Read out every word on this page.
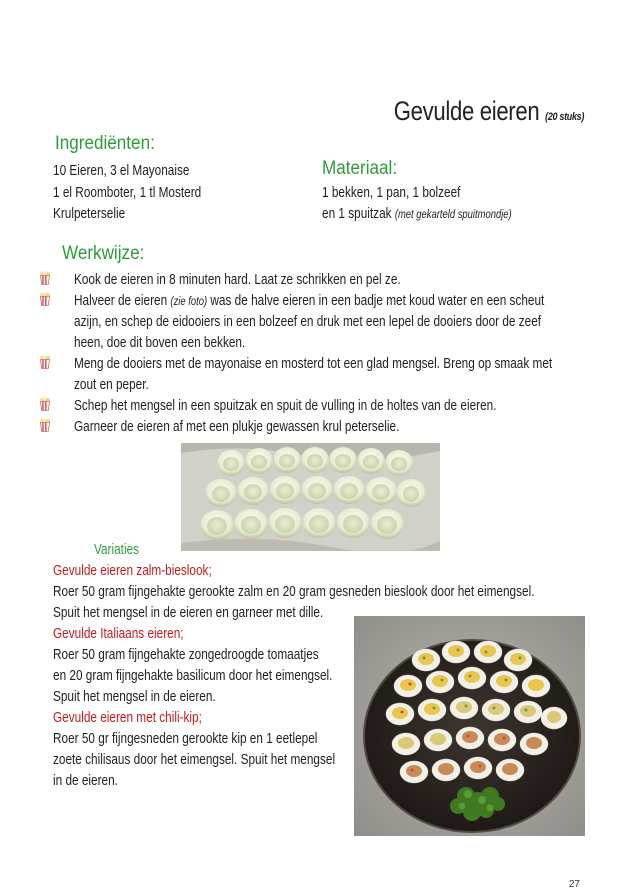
Gevulde eieren (20 stuks)
Ingrediënten:
10 Eieren, 3 el Mayonaise
1 el Roomboter, 1 tl Mosterd
Krulpeterselie
Materiaal:
1 bekken, 1 pan, 1 bolzeef
en 1 spuitzak (met gekarteld spuitmondje)
Werkwijze:
Kook de eieren in 8 minuten hard. Laat ze schrikken en pel ze.
Halveer de eieren (zie foto) was de halve eieren in een badje met koud water en een scheut
azijn, en schep de eidooiers in een bolzeef en druk met een lepel de dooiers door de zeef
heen, doe dit boven een bekken.
Meng de dooiers met de mayonaise en mosterd tot een glad mengsel. Breng op smaak met
zout en peper.
Schep het mengsel in een spuitzak en spuit de vulling in de holtes van de eieren.
Garneer de eieren af met een plukje gewassen krul peterselie.
Variaties
Gevulde eieren zalm-bieslook;
Roer 50 gram fijngehakte gerookte zalm en 20 gram gesneden bieslook door het eimengsel.
Spuit het mengsel in de eieren en garneer met dille.
Gevulde Italiaans eieren;
Roer 50 gram fijngehakte zongedroogde tomaatjes
en 20 gram fijngehakte basilicum door het eimengsel.
Spuit het mengsel in de eieren.
Gevulde eieren met chili-kip;
Roer 50 gr fijngesneden gerookte kip en 1 eetlepel
zoete chilisaus door het eimengsel. Spuit het mengsel
in de eieren.
27
